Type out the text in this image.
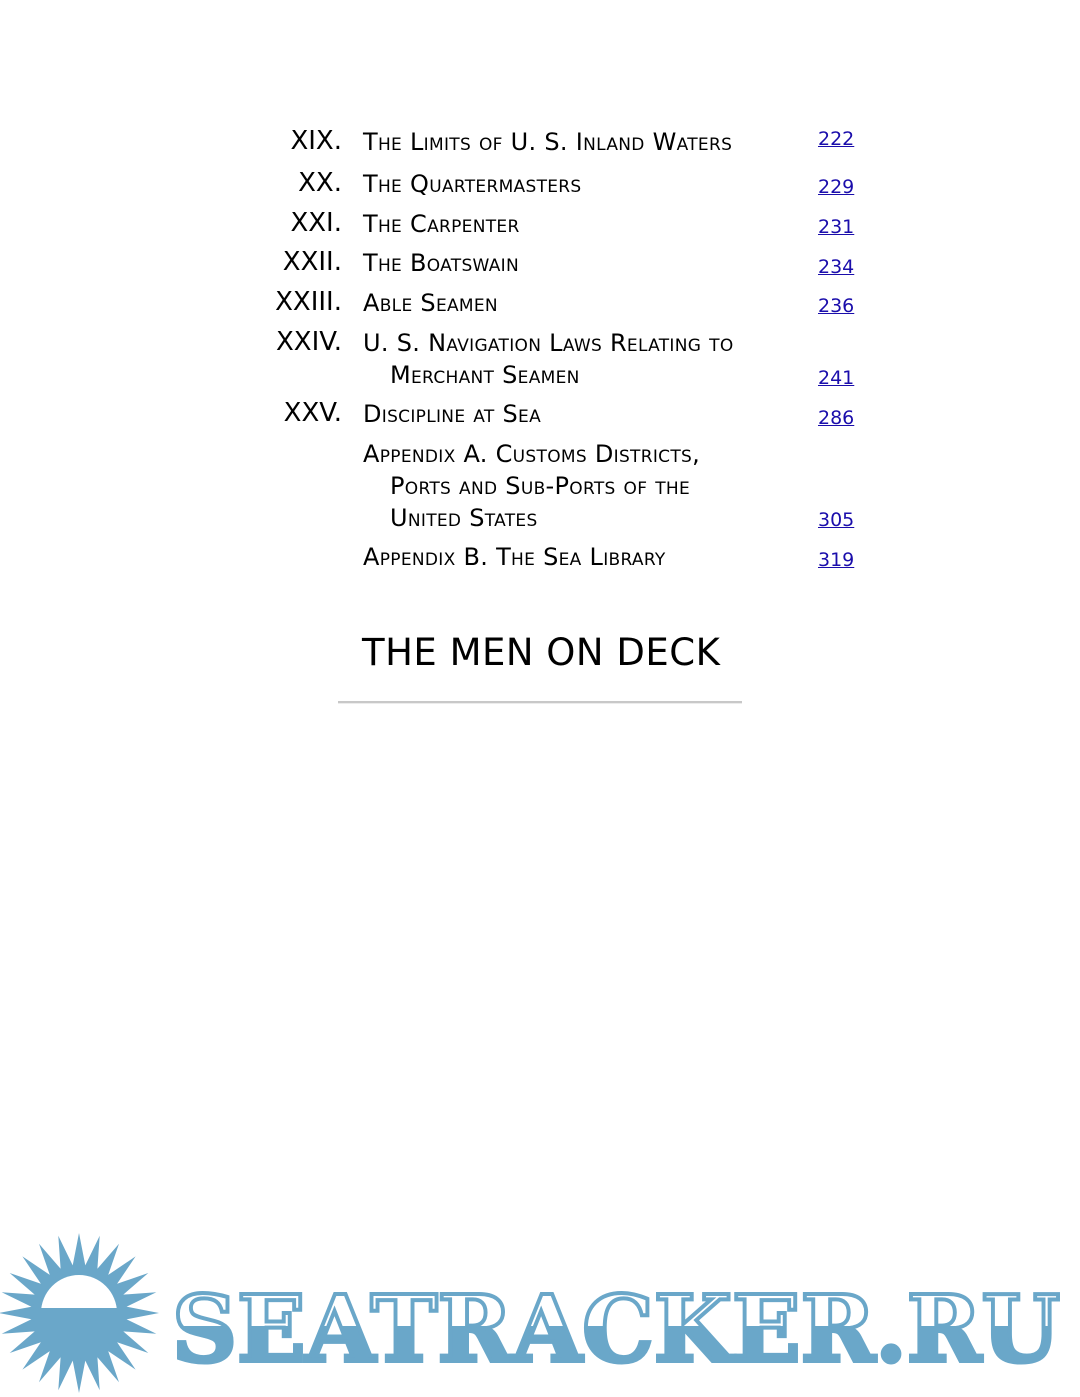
XIX. The Limits of U. S. Inland Waters	222
XX. The Quartermasters	229
XXI. The Carpenter	231
XXII. The Boatswain	234
XXIII. Able Seamen	236
XXIV. U. S. Navigation Laws Relating to
Merchant Seamen	241
XXV. Discipline at Sea	286
Appendix A. Customs Districts,
Ports and Sub-Ports of the
United States	305
Appendix B. The Sea Library	319
THE MEN ON DECK
SEATRACKER.RU
